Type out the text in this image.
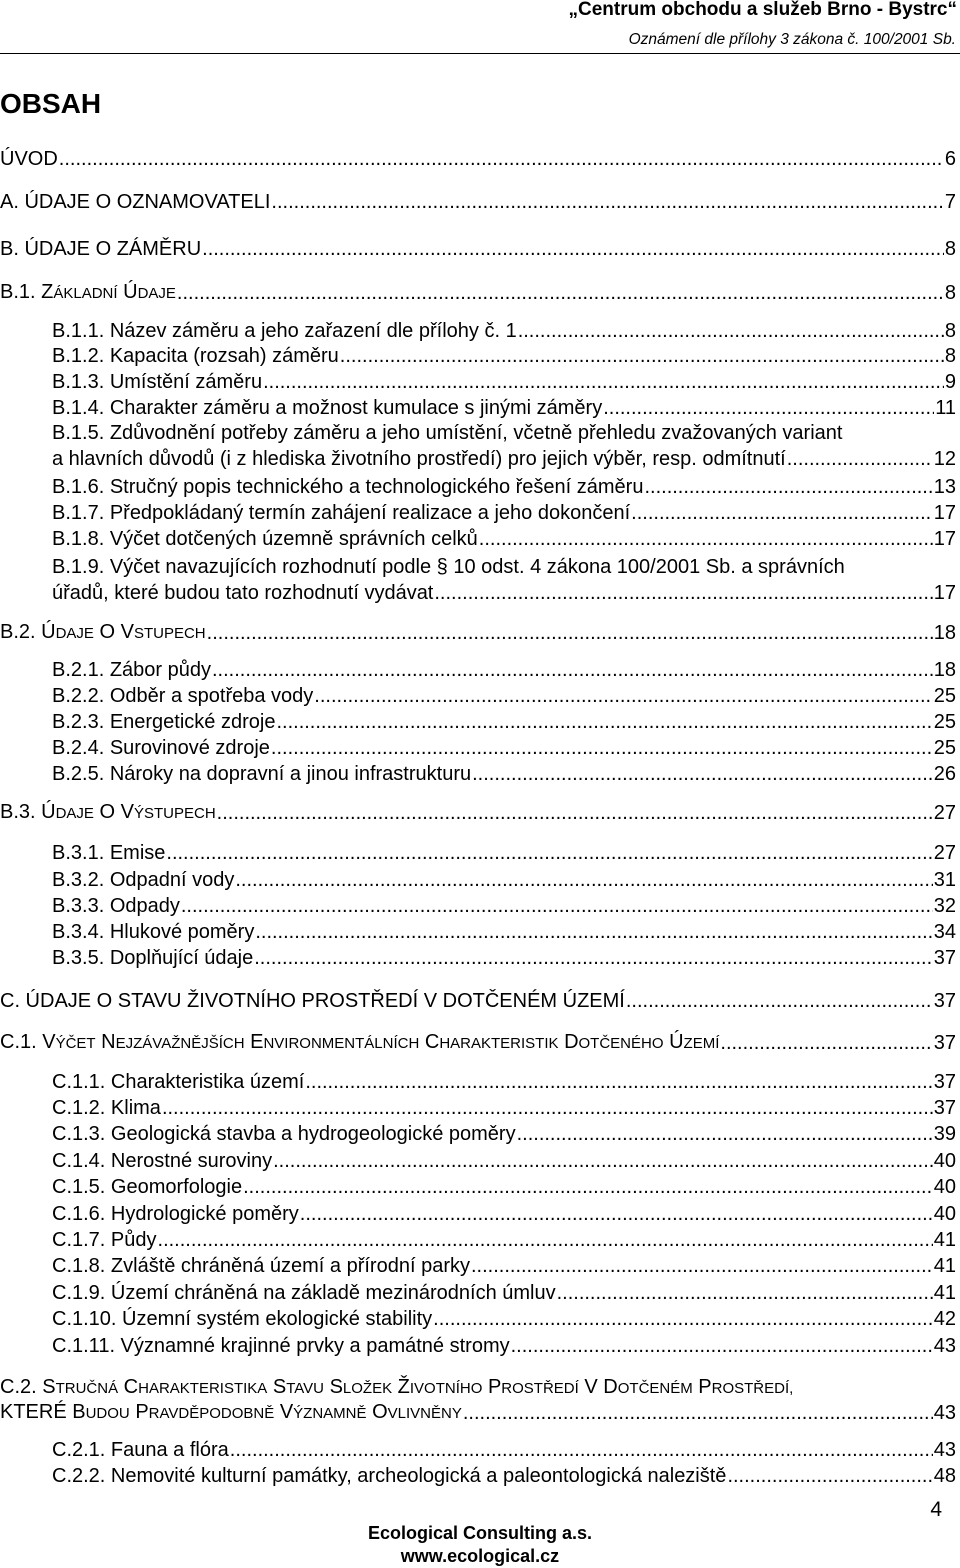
„Centrum obchodu a služeb Brno - Bystrc“
Oznámení dle přílohy 3 zákona č. 100/2001 Sb.
OBSAH
ÚVOD .....	6
A. ÚDAJE O OZNAMOVATELI .....	7
B. ÚDAJE O ZÁMĚRU .....	8
B.1. ZÁKLADNÍ ÚDAJE .....	8
B.1.1. Název záměru a jeho zařazení dle přílohy č. 1 .....	8
B.1.2. Kapacita (rozsah) záměru .....	8
B.1.3. Umístění záměru .....	9
B.1.4. Charakter záměru a možnost kumulace s jinými záměry .....	11
B.1.5. Zdůvodnění potřeby záměru a jeho umístění, včetně přehledu zvažovaných variant
a hlavních důvodů (i z hlediska životního prostředí) pro jejich výběr, resp. odmítnutí .....	12
B.1.6. Stručný popis technického a technologického řešení záměru .....	13
B.1.7. Předpokládaný termín zahájení realizace a jeho dokončení .....	17
B.1.8. Výčet dotčených územně správních celků .....	17
B.1.9. Výčet navazujících rozhodnutí podle § 10 odst. 4 zákona 100/2001 Sb. a správních
úřadů, které budou tato rozhodnutí vydávat .....	17
B.2. ÚDAJE O VSTUPECH .....	18
B.2.1. Zábor půdy .....	18
B.2.2. Odběr a spotřeba vody .....	25
B.2.3. Energetické zdroje .....	25
B.2.4. Surovinové zdroje .....	25
B.2.5. Nároky na dopravní a jinou infrastrukturu .....	26
B.3. ÚDAJE O VÝSTUPECH .....	27
B.3.1. Emise .....	27
B.3.2. Odpadní vody .....	31
B.3.3. Odpady .....	32
B.3.4. Hlukové poměry .....	34
B.3.5. Doplňující údaje .....	37
C. ÚDAJE O STAVU ŽIVOTNÍHO PROSTŘEDÍ V DOTČENÉM ÚZEMÍ .....	37
C.1. VÝČET NEJZÁVAŽNĚJŠÍCH ENVIRONMENTÁLNÍCH CHARAKTERISTIK DOTČENÉHO ÚZEMÍ .....	37
C.1.1. Charakteristika území .....	37
C.1.2. Klima .....	37
C.1.3. Geologická stavba a hydrogeologické poměry .....	39
C.1.4. Nerostné suroviny .....	40
C.1.5. Geomorfologie .....	40
C.1.6. Hydrologické poměry .....	40
C.1.7. Půdy .....	41
C.1.8. Zvláště chráněná území a přírodní parky .....	41
C.1.9. Území chráněná na základě mezinárodních úmluv .....	41
C.1.10. Územní systém ekologické stability .....	42
C.1.11. Významné krajinné prvky a památné stromy .....	43
C.2. STRUČNÁ CHARAKTERISTIKA STAVU SLOŽEK ŽIVOTNÍHO PROSTŘEDÍ V DOTČENÉM PROSTŘEDÍ,
KTERÉ BUDOU PRAVDĚPODOBNĚ VÝZNAMNĚ OVLIVNĚNY .....	43
C.2.1. Fauna a flóra .....	43
C.2.2. Nemovité kulturní památky, archeologická a paleontologická naleziště .....	48
4
Ecological Consulting a.s.
www.ecological.cz
